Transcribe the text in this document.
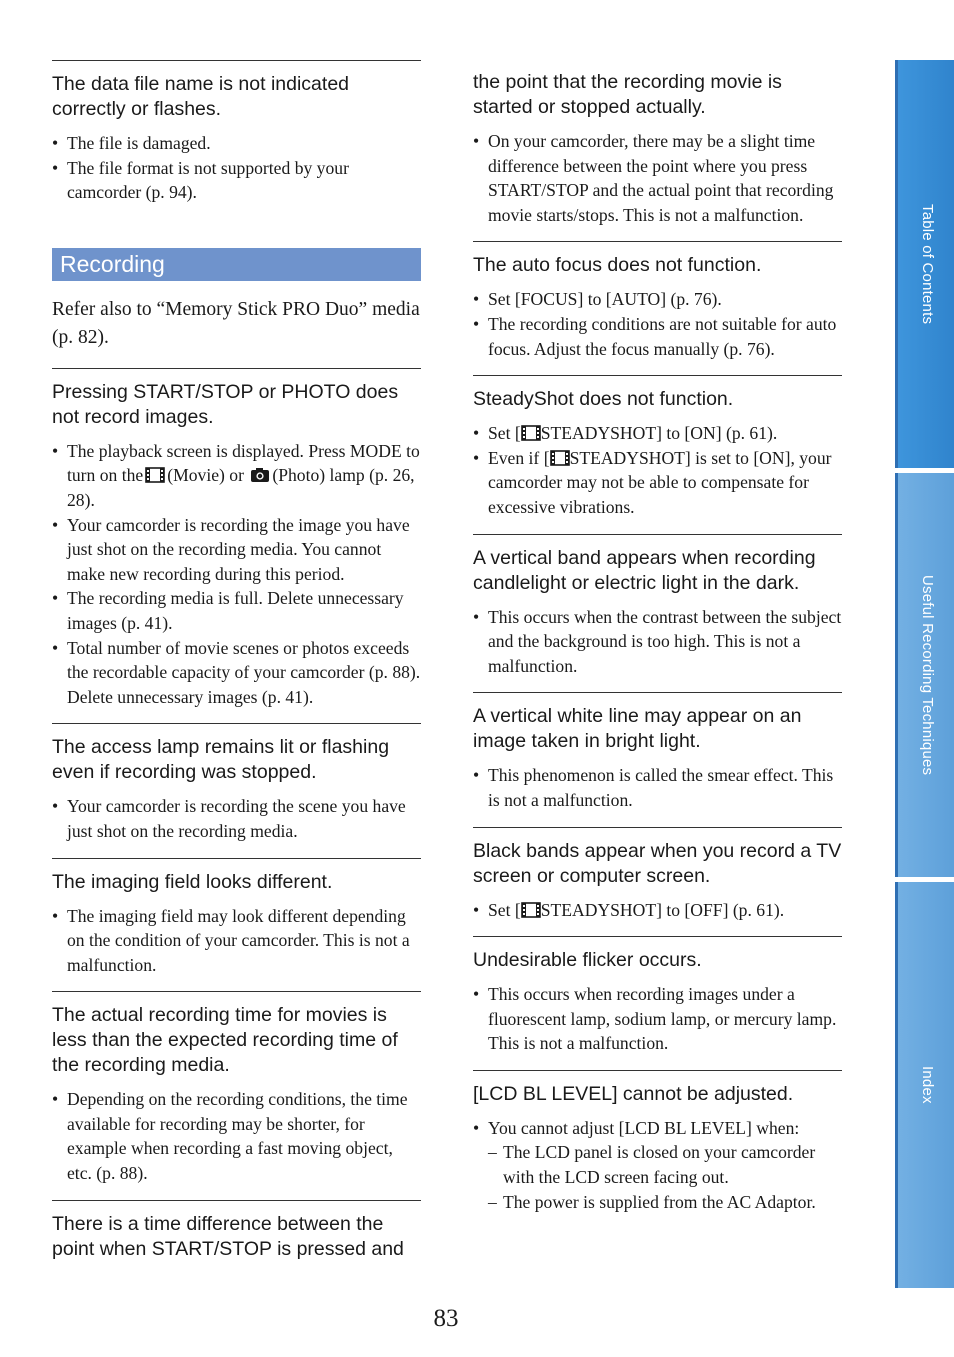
The data file name is not indicated correctly or flashes.
• The file is damaged.
• The file format is not supported by your camcorder (p. 94).
Recording
Refer also to “Memory Stick PRO Duo” media (p. 82).
Pressing START/STOP or PHOTO does not record images.
• The playback screen is displayed. Press MODE to turn on the (Movie) or (Photo) lamp (p. 26, 28).
• Your camcorder is recording the image you have just shot on the recording media. You cannot make new recording during this period.
• The recording media is full. Delete unnecessary images (p. 41).
• Total number of movie scenes or photos exceeds the recordable capacity of your camcorder (p. 88). Delete unnecessary images (p. 41).
The access lamp remains lit or flashing even if recording was stopped.
• Your camcorder is recording the scene you have just shot on the recording media.
The imaging field looks different.
• The imaging field may look different depending on the condition of your camcorder. This is not a malfunction.
The actual recording time for movies is less than the expected recording time of the recording media.
• Depending on the recording conditions, the time available for recording may be shorter, for example when recording a fast moving object, etc. (p. 88).
There is a time difference between the point when START/STOP is pressed and
the point that the recording movie is started or stopped actually.
• On your camcorder, there may be a slight time difference between the point where you press START/STOP and the actual point that recording movie starts/stops. This is not a malfunction.
The auto focus does not function.
• Set [FOCUS] to [AUTO] (p. 76).
• The recording conditions are not suitable for auto focus. Adjust the focus manually (p. 76).
SteadyShot does not function.
• Set [ STEADYSHOT] to [ON] (p. 61).
• Even if [ STEADYSHOT] is set to [ON], your camcorder may not be able to compensate for excessive vibrations.
A vertical band appears when recording candlelight or electric light in the dark.
• This occurs when the contrast between the subject and the background is too high. This is not a malfunction.
A vertical white line may appear on an image taken in bright light.
• This phenomenon is called the smear effect. This is not a malfunction.
Black bands appear when you record a TV screen or computer screen.
• Set [ STEADYSHOT] to [OFF] (p. 61).
Undesirable flicker occurs.
• This occurs when recording images under a fluorescent lamp, sodium lamp, or mercury lamp. This is not a malfunction.
[LCD BL LEVEL] cannot be adjusted.
• You cannot adjust [LCD BL LEVEL] when:
– The LCD panel is closed on your camcorder with the LCD screen facing out.
– The power is supplied from the AC Adaptor.
Table of Contents
Useful Recording Techniques
Index
83
